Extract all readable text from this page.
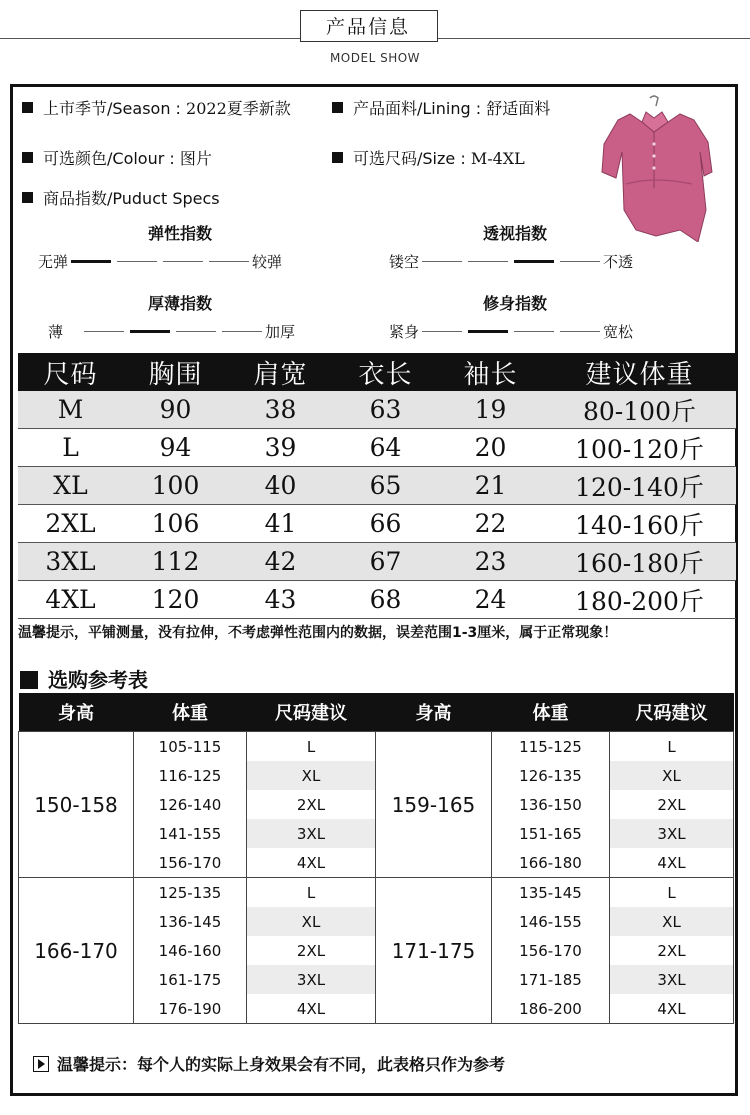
产品信息
MODEL SHOW
上市季节/Season : 2022夏季新款	产品面料/Lining : 舒适面料
可选颜色/Colour : 图片	可选尺码/Size : M-4XL
商品指数/Puduct Specs
弹性指数
无弹	较弹
透视指数
镂空	不透
厚薄指数
薄	加厚
修身指数
紧身	宽松
尺码	胸围	肩宽	衣长	袖长	建议体重
M	90	38	63	19	80-100斤
L	94	39	64	20	100-120斤
XL	100	40	65	21	120-140斤
2XL	106	41	66	22	140-160斤
3XL	112	42	67	23	160-180斤
4XL	120	43	68	24	180-200斤
温馨提示，平铺测量，没有拉伸，不考虑弹性范围内的数据，误差范围1-3厘米，属于正常现象！
选购参考表
身高	体重	尺码建议	身高	体重	尺码建议
150-158	105-115	L	159-165	115-125	L
	116-125	XL		126-135	XL
	126-140	2XL		136-150	2XL
	141-155	3XL		151-165	3XL
	156-170	4XL		166-180	4XL
166-170	125-135	L	171-175	135-145	L
	136-145	XL		146-155	XL
	146-160	2XL		156-170	2XL
	161-175	3XL		171-185	3XL
	176-190	4XL		186-200	4XL
温馨提示：每个人的实际上身效果会有不同，此表格只作为参考
